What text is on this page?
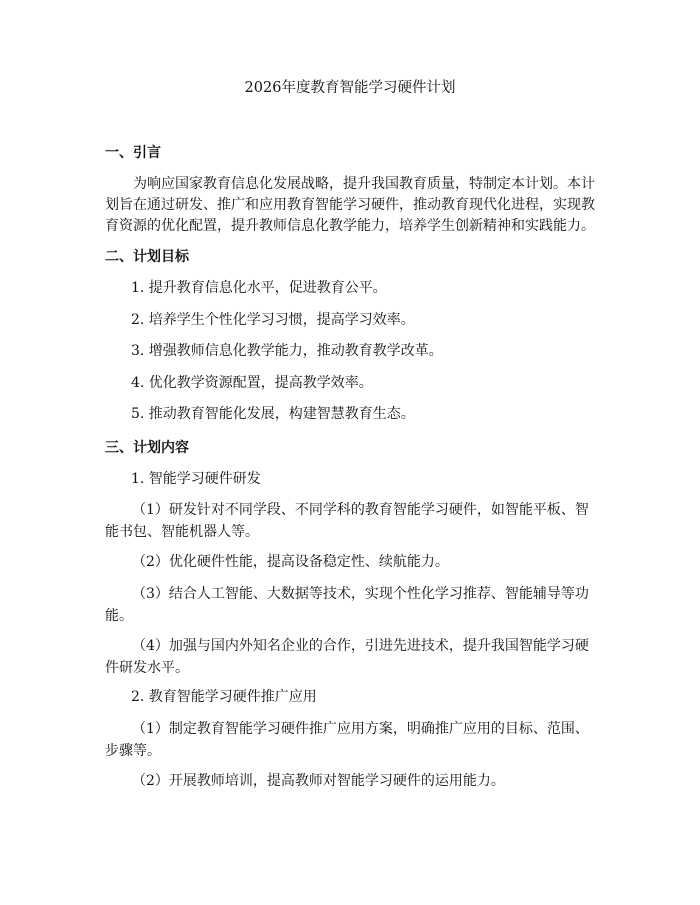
2026年度教育智能学习硬件计划
一、引言

为响应国家教育信息化发展战略，提升我国教育质量，特制定本计划。本计划旨在通过研发、推广和应用教育智能学习硬件，推动教育现代化进程，实现教育资源的优化配置，提升教师信息化教学能力，培养学生创新精神和实践能力。

二、计划目标

1. 提升教育信息化水平，促进教育公平。

2. 培养学生个性化学习习惯，提高学习效率。

3. 增强教师信息化教学能力，推动教育教学改革。

4. 优化教学资源配置，提高教学效率。

5. 推动教育智能化发展，构建智慧教育生态。

三、计划内容

1. 智能学习硬件研发

（1）研发针对不同学段、不同学科的教育智能学习硬件，如智能平板、智能书包、智能机器人等。

（2）优化硬件性能，提高设备稳定性、续航能力。

（3）结合人工智能、大数据等技术，实现个性化学习推荐、智能辅导等功能。

（4）加强与国内外知名企业的合作，引进先进技术，提升我国智能学习硬件研发水平。

2. 教育智能学习硬件推广应用

（1）制定教育智能学习硬件推广应用方案，明确推广应用的目标、范围、步骤等。

（2）开展教师培训，提高教师对智能学习硬件的运用能力。
